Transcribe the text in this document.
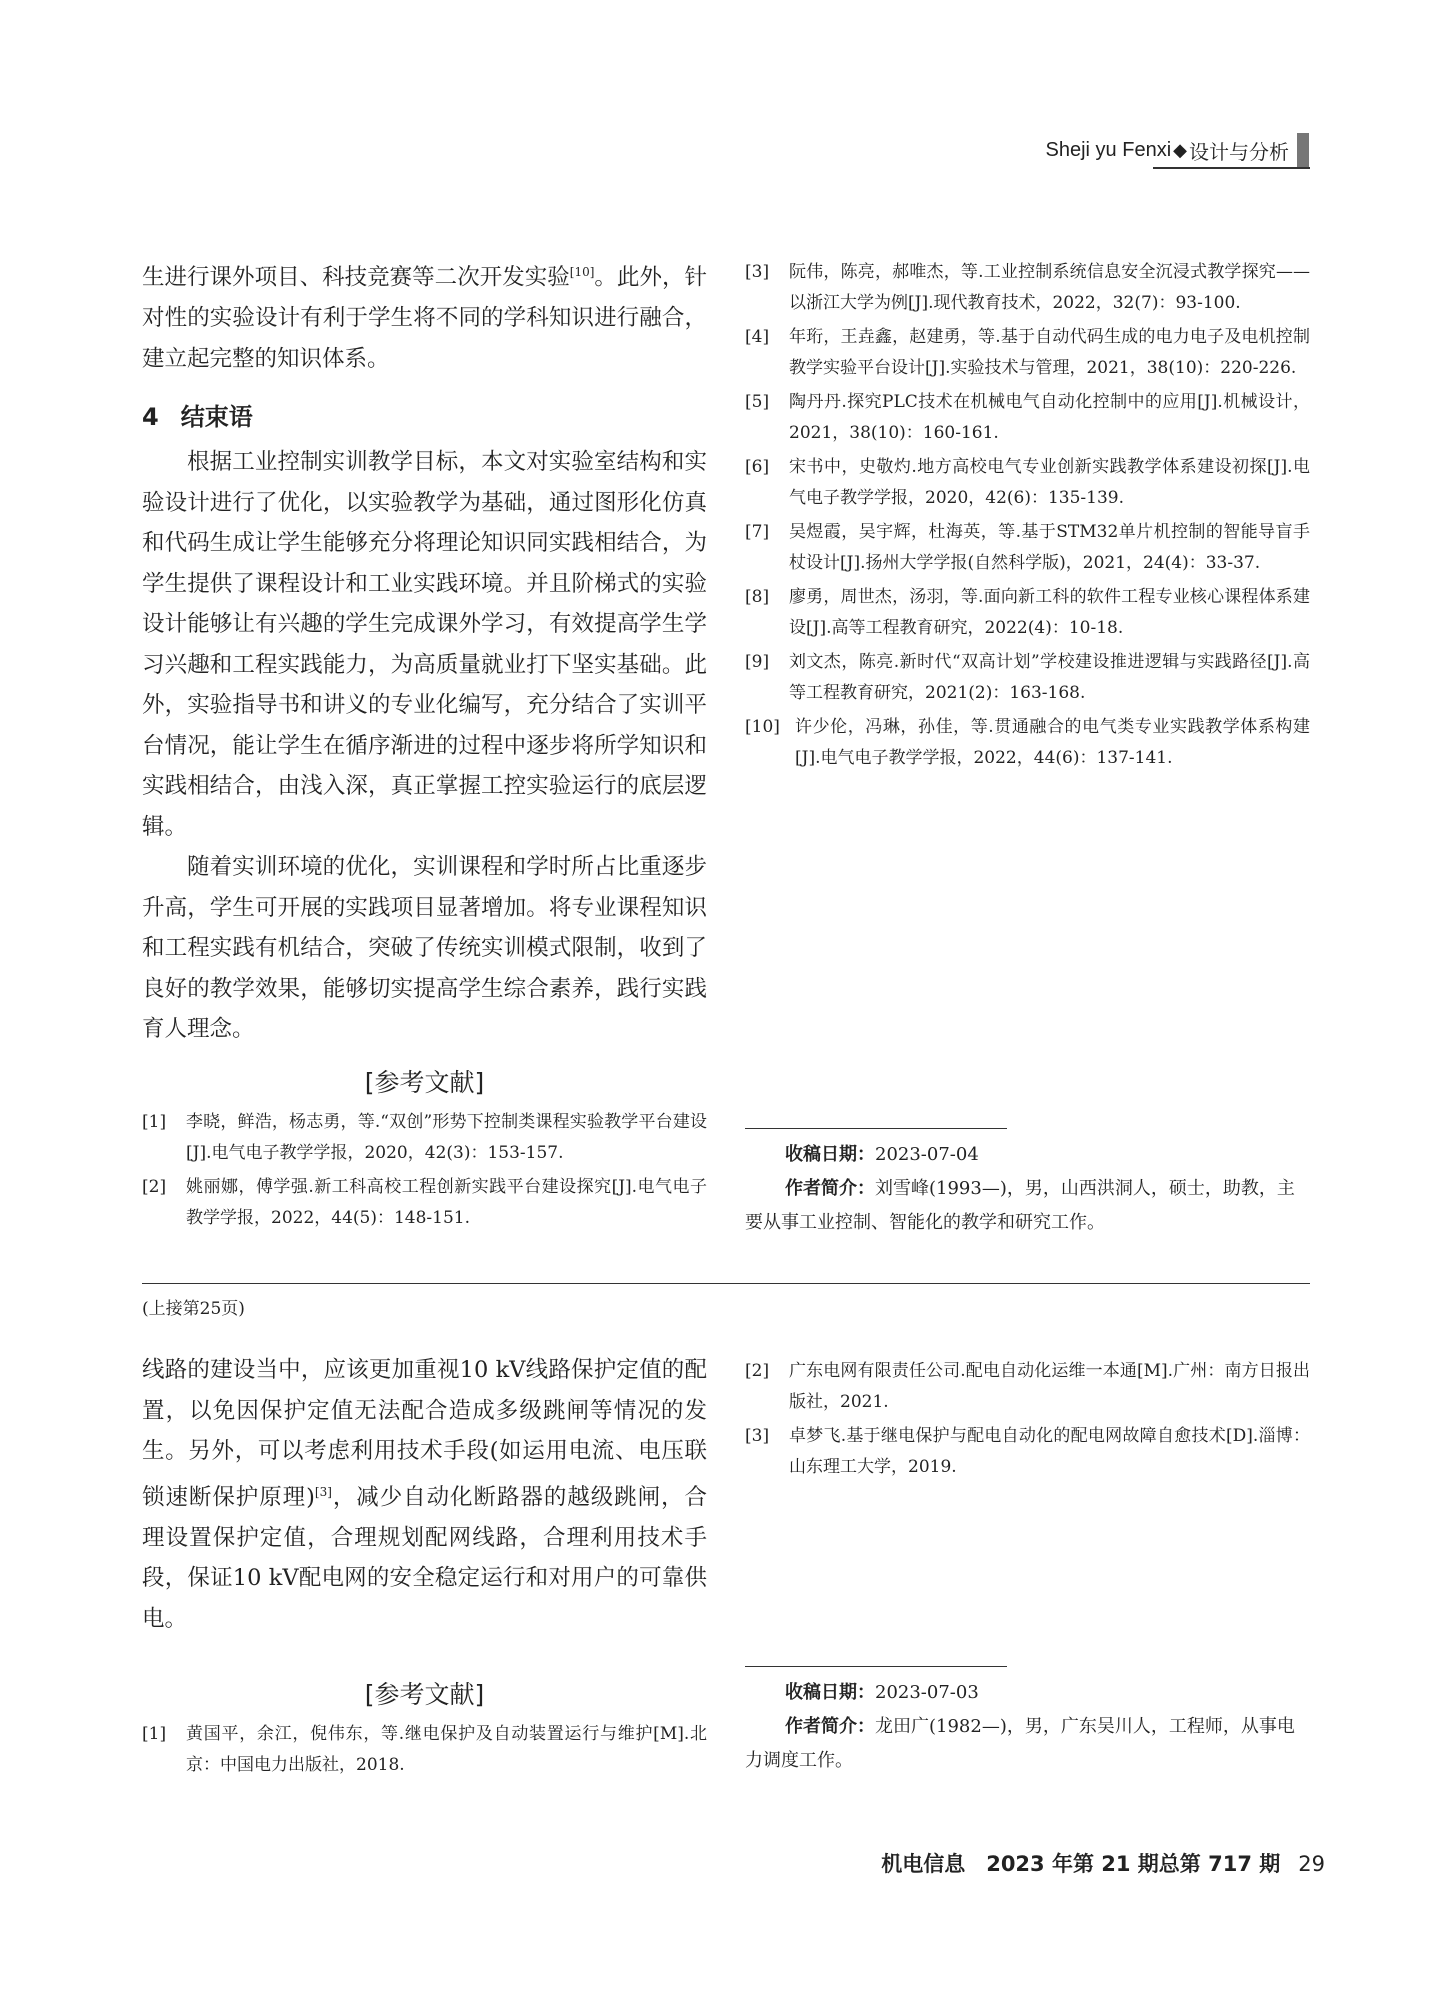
Sheji yu Fenxi ◆ 设计与分析

生进行课外项目、科技竞赛等二次开发实验[10]。此外，针对性的实验设计有利于学生将不同的学科知识进行融合，建立起完整的知识体系。

4 结束语

根据工业控制实训教学目标，本文对实验室结构和实验设计进行了优化，以实验教学为基础，通过图形化仿真和代码生成让学生能够充分将理论知识同实践相结合，为学生提供了课程设计和工业实践环境。并且阶梯式的实验设计能够让有兴趣的学生完成课外学习，有效提高学生学习兴趣和工程实践能力，为高质量就业打下坚实基础。此外，实验指导书和讲义的专业化编写，充分结合了实训平台情况，能让学生在循序渐进的过程中逐步将所学知识和实践相结合，由浅入深，真正掌握工控实验运行的底层逻辑。

随着实训环境的优化，实训课程和学时所占比重逐步升高，学生可开展的实践项目显著增加。将专业课程知识和工程实践有机结合，突破了传统实训模式限制，收到了良好的教学效果，能够切实提高学生综合素养，践行实践育人理念。

[参考文献]
[1]	李晓，鲜浩，杨志勇，等.“双创”形势下控制类课程实验教学平台建设[J].电气电子教学学报，2020，42(3)：153-157.
[2]	姚丽娜，傅学强.新工科高校工程创新实践平台建设探究[J].电气电子教学学报，2022，44(5)：148-151.
[3]	阮伟，陈亮，郝唯杰，等.工业控制系统信息安全沉浸式教学探究——以浙江大学为例[J].现代教育技术，2022，32(7)：93-100.
[4]	年珩，王垚鑫，赵建勇，等.基于自动代码生成的电力电子及电机控制教学实验平台设计[J].实验技术与管理，2021，38(10)：220-226.
[5]	陶丹丹.探究PLC技术在机械电气自动化控制中的应用[J].机械设计，2021，38(10)：160-161.
[6]	宋书中，史敬灼.地方高校电气专业创新实践教学体系建设初探[J].电气电子教学学报，2020，42(6)：135-139.
[7]	吴煜霞，吴宇辉，杜海英，等.基于STM32单片机控制的智能导盲手杖设计[J].扬州大学学报(自然科学版)，2021，24(4)：33-37.
[8]	廖勇，周世杰，汤羽，等.面向新工科的软件工程专业核心课程体系建设[J].高等工程教育研究，2022(4)：10-18.
[9]	刘文杰，陈亮.新时代“双高计划”学校建设推进逻辑与实践路径[J].高等工程教育研究，2021(2)：163-168.
[10] 许少伦，冯琳，孙佳，等.贯通融合的电气类专业实践教学体系构建[J].电气电子教学学报，2022，44(6)：137-141.

收稿日期：2023-07-04

作者简介：刘雪峰(1993—)，男，山西洪洞人，硕士，助教，主要从事工业控制、智能化的教学和研究工作。

(上接第25页)

线路的建设当中，应该更加重视10 kV线路保护定值的配置，以免因保护定值无法配合造成多级跳闸等情况的发生。另外，可以考虑利用技术手段(如运用电流、电压联锁速断保护原理)[3]，减少自动化断路器的越级跳闸，合理设置保护定值，合理规划配网线路，合理利用技术手段，保证10 kV配电网的安全稳定运行和对用户的可靠供电。

[参考文献]
[1]	黄国平，余江，倪伟东，等.继电保护及自动装置运行与维护[M].北京：中国电力出版社，2018.
[2]	广东电网有限责任公司.配电自动化运维一本通[M].广州：南方日报出版社，2021.
[3]	卓梦飞.基于继电保护与配电自动化的配电网故障自愈技术[D].淄博：山东理工大学，2019.

收稿日期：2023-07-03

作者简介：龙田广(1982—)，男，广东吴川人，工程师，从事电力调度工作。

机电信息　2023 年第 21 期总第 717 期 29
